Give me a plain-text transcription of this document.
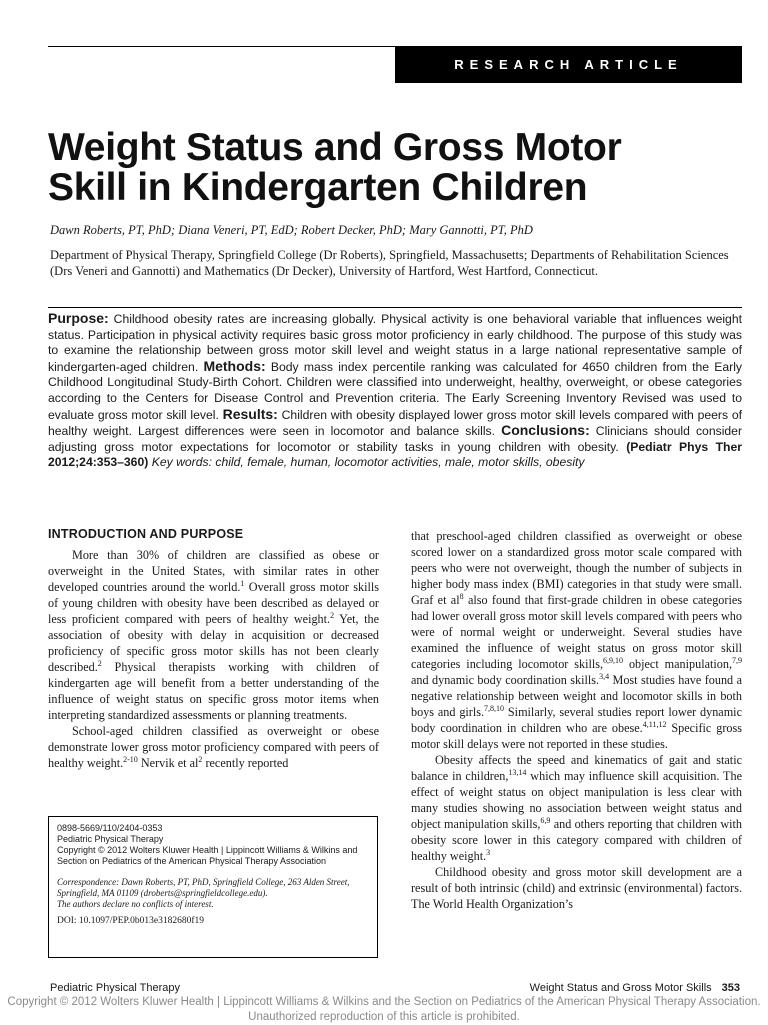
RESEARCH ARTICLE
Weight Status and Gross Motor
Skill in Kindergarten Children
Dawn Roberts, PT, PhD; Diana Veneri, PT, EdD; Robert Decker, PhD; Mary Gannotti, PT, PhD
Department of Physical Therapy, Springfield College (Dr Roberts), Springfield, Massachusetts; Departments of Rehabilitation Sciences (Drs Veneri and Gannotti) and Mathematics (Dr Decker), University of Hartford, West Hartford, Connecticut.
Purpose: Childhood obesity rates are increasing globally. Physical activity is one behavioral variable that influences weight status. Participation in physical activity requires basic gross motor proficiency in early childhood. The purpose of this study was to examine the relationship between gross motor skill level and weight status in a large national representative sample of kindergarten-aged children. Methods: Body mass index percentile ranking was calculated for 4650 children from the Early Childhood Longitudinal Study-Birth Cohort. Children were classified into underweight, healthy, overweight, or obese categories according to the Centers for Disease Control and Prevention criteria. The Early Screening Inventory Revised was used to evaluate gross motor skill level. Results: Children with obesity displayed lower gross motor skill levels compared with peers of healthy weight. Largest differences were seen in locomotor and balance skills. Conclusions: Clinicians should consider adjusting gross motor expectations for locomotor or stability tasks in young children with obesity. (Pediatr Phys Ther 2012;24:353–360) Key words: child, female, human, locomotor activities, male, motor skills, obesity
INTRODUCTION AND PURPOSE

More than 30% of children are classified as obese or overweight in the United States, with similar rates in other developed countries around the world.$^1$ Overall gross motor skills of young children with obesity have been described as delayed or less proficient compared with peers of healthy weight.$^2$ Yet, the association of obesity with delay in acquisition or decreased proficiency of specific gross motor skills has not been clearly described.$^2$ Physical therapists working with children of kindergarten age will benefit from a better understanding of the influence of weight status on specific gross motor items when interpreting standardized assessments or planning treatments.

School-aged children classified as overweight or obese demonstrate lower gross motor proficiency compared with peers of healthy weight.$^{2-10}$ Nervik et $al^2$ recently reported

0898-5669/110/2404-0353
Pediatric Physical Therapy
Copyright © 2012 Wolters Kluwer Health | Lippincott Williams & Wilkins and Section on Pediatrics of the American Physical Therapy Association
Correspondence: Dawn Roberts, PT, PhD, Springfield College, 263 Alden Street, Springfield, MA 01109 (droberts@springfieldcollege.edu).
The authors declare no conflicts of interest.
DOI: 10.1097/PEP.0b013e3182680f19

that preschool-aged children classified as overweight or obese scored lower on a standardized gross motor scale compared with peers who were not overweight, though the number of subjects in higher body mass index (BMI) categories in that study were small. Graf et $al^8$ also found that first-grade children in obese categories had lower overall gross motor skill levels compared with peers who were of normal weight or underweight. Several studies have examined the influence of weight status on gross motor skill categories including locomotor skills,$^{6,9,10}$ object manipulation,$^{7,9}$ and dynamic body coordination skills.$^{3,4}$ Most studies have found a negative relationship between weight and locomotor skills in both boys and girls.$^{7,8,10}$ Similarly, several studies report lower dynamic body coordination in children who are obese.$^{4,11,12}$ Specific gross motor skill delays were not reported in these studies.

Obesity affects the speed and kinematics of gait and static balance in children,$^{13,14}$ which may influence skill acquisition. The effect of weight status on object manipulation is less clear with many studies showing no association between weight status and object manipulation skills,$^{6,9}$ and others reporting that children with obesity score lower in this category compared with children of healthy weight.$^3$

Childhood obesity and gross motor skill development are a result of both intrinsic (child) and extrinsic (environmental) factors. The World Health Organization’s

Pediatric Physical Therapy	Weight Status and Gross Motor Skills 353
Copyright © 2012 Wolters Kluwer Health | Lippincott Williams & Wilkins and the Section on Pediatrics of the American Physical Therapy Association. Unauthorized reproduction of this article is prohibited.
